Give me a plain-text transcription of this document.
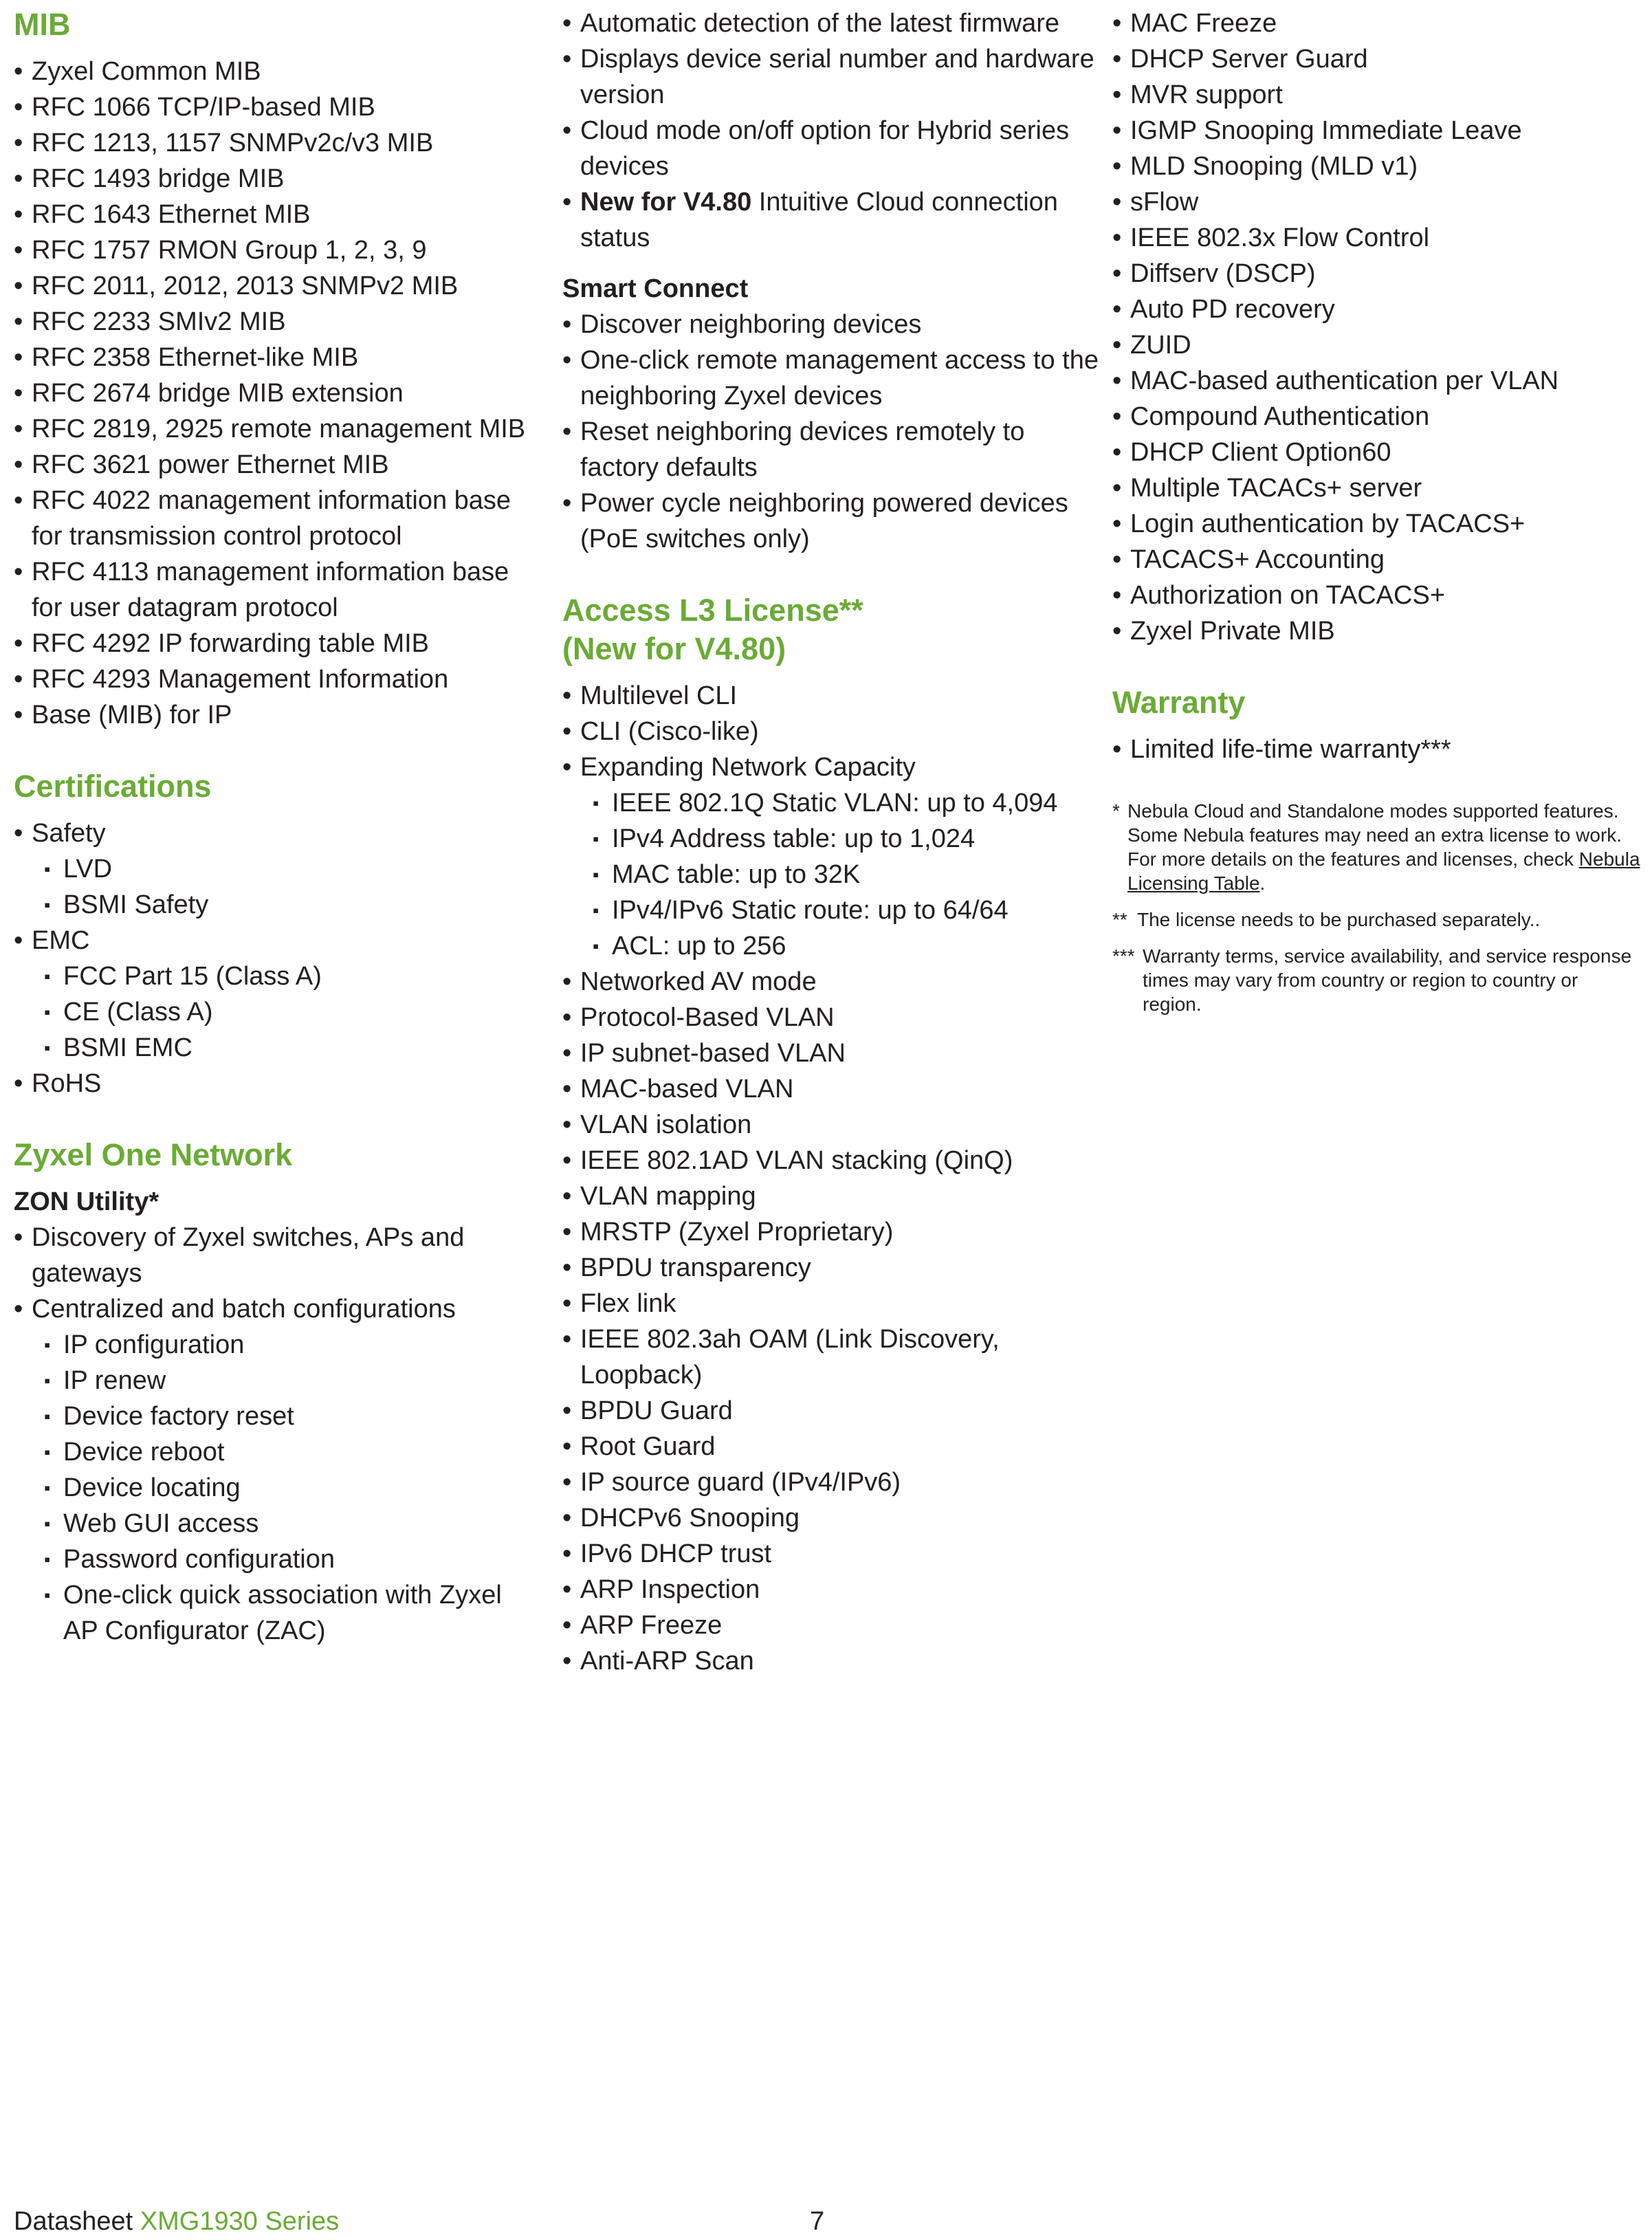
MIB
• Zyxel Common MIB
• RFC 1066 TCP/IP-based MIB
• RFC 1213, 1157 SNMPv2c/v3 MIB
• RFC 1493 bridge MIB
• RFC 1643 Ethernet MIB
• RFC 1757 RMON Group 1, 2, 3, 9
• RFC 2011, 2012, 2013 SNMPv2 MIB
• RFC 2233 SMIv2 MIB
• RFC 2358 Ethernet-like MIB
• RFC 2674 bridge MIB extension
• RFC 2819, 2925 remote management MIB
• RFC 3621 power Ethernet MIB
• RFC 4022 management information base for transmission control protocol
• RFC 4113 management information base for user datagram protocol
• RFC 4292 IP forwarding table MIB
• RFC 4293 Management Information
• Base (MIB) for IP
Certifications
• Safety
▪ LVD
▪ BSMI Safety
• EMC
▪ FCC Part 15 (Class A)
▪ CE (Class A)
▪ BSMI EMC
• RoHS
Zyxel One Network
ZON Utility*
• Discovery of Zyxel switches, APs and gateways
• Centralized and batch configurations
▪ IP configuration
▪ IP renew
▪ Device factory reset
▪ Device reboot
▪ Device locating
▪ Web GUI access
▪ Password configuration
▪ One-click quick association with Zyxel AP Configurator (ZAC)
• Automatic detection of the latest firmware
• Displays device serial number and hardware version
• Cloud mode on/off option for Hybrid series devices
• New for V4.80 Intuitive Cloud connection status
Smart Connect
• Discover neighboring devices
• One-click remote management access to the neighboring Zyxel devices
• Reset neighboring devices remotely to factory defaults
• Power cycle neighboring powered devices (PoE switches only)
Access L3 License**
(New for V4.80)
• Multilevel CLI
• CLI (Cisco-like)
• Expanding Network Capacity
▪ IEEE 802.1Q Static VLAN: up to 4,094
▪ IPv4 Address table: up to 1,024
▪ MAC table: up to 32K
▪ IPv4/IPv6 Static route: up to 64/64
▪ ACL: up to 256
• Networked AV mode
• Protocol-Based VLAN
• IP subnet-based VLAN
• MAC-based VLAN
• VLAN isolation
• IEEE 802.1AD VLAN stacking (QinQ)
• VLAN mapping
• MRSTP (Zyxel Proprietary)
• BPDU transparency
• Flex link
• IEEE 802.3ah OAM (Link Discovery, Loopback)
• BPDU Guard
• Root Guard
• IP source guard (IPv4/IPv6)
• DHCPv6 Snooping
• IPv6 DHCP trust
• ARP Inspection
• ARP Freeze
• Anti-ARP Scan
• MAC Freeze
• DHCP Server Guard
• MVR support
• IGMP Snooping Immediate Leave
• MLD Snooping (MLD v1)
• sFlow
• IEEE 802.3x Flow Control
• Diffserv (DSCP)
• Auto PD recovery
• ZUID
• MAC-based authentication per VLAN
• Compound Authentication
• DHCP Client Option60
• Multiple TACACs+ server
• Login authentication by TACACS+
• TACACS+ Accounting
• Authorization on TACACS+
• Zyxel Private MIB
Warranty
• Limited life-time warranty***
* Nebula Cloud and Standalone modes supported features. Some Nebula features may need an extra license to work. For more details on the features and licenses, check Nebula Licensing Table.
** The license needs to be purchased separately..
*** Warranty terms, service availability, and service response times may vary from country or region to country or region.
Datasheet XMG1930 Series	7
